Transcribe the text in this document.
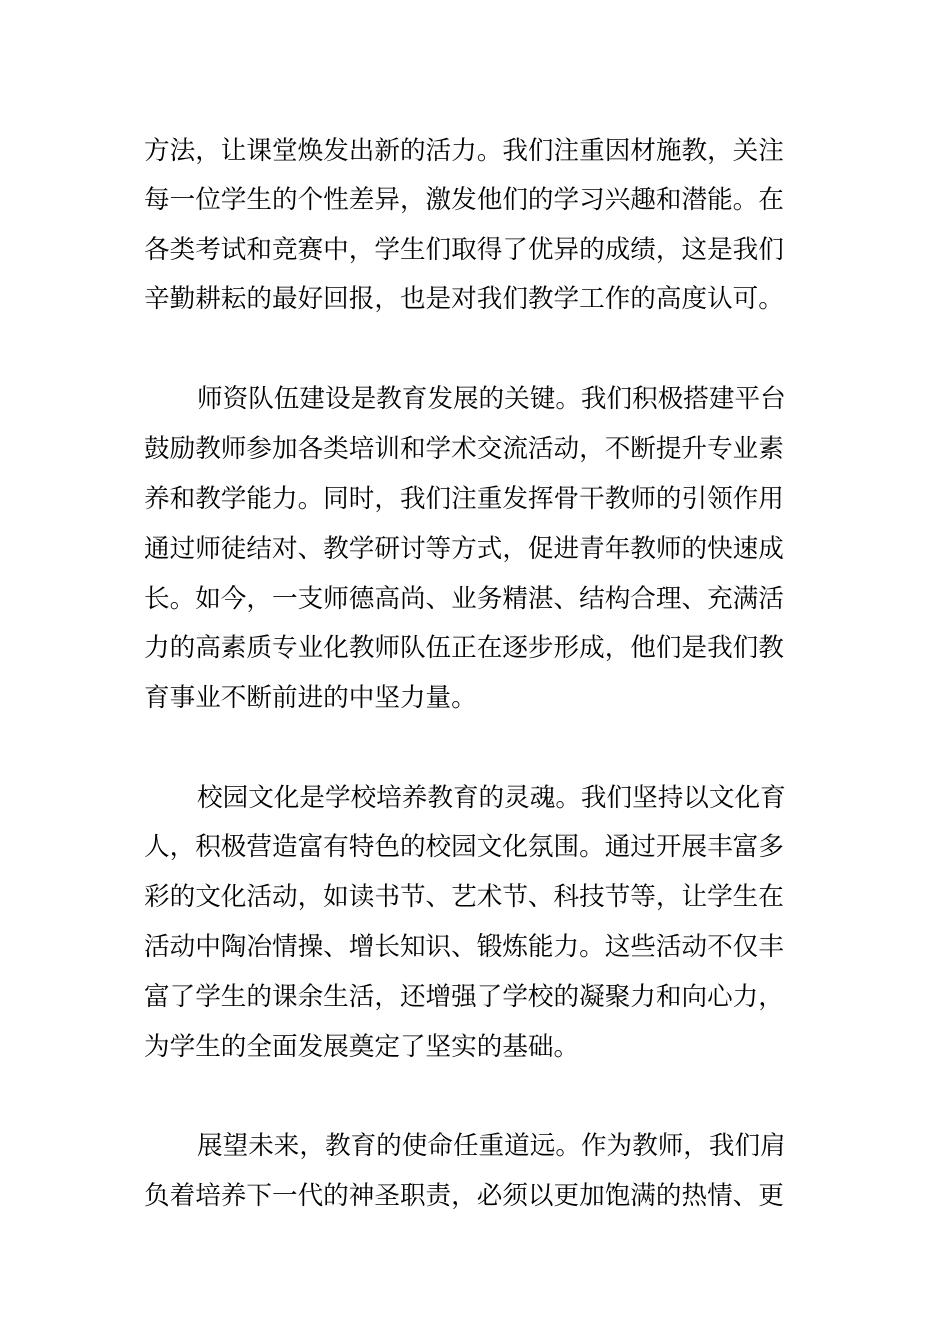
方法，让课堂焕发出新的活力。我们注重因材施教，关注
每一位学生的个性差异，激发他们的学习兴趣和潜能。在
各类考试和竞赛中，学生们取得了优异的成绩，这是我们
辛勤耕耘的最好回报，也是对我们教学工作的高度认可。
师资队伍建设是教育发展的关键。我们积极搭建平台
鼓励教师参加各类培训和学术交流活动，不断提升专业素
养和教学能力。同时，我们注重发挥骨干教师的引领作用
通过师徒结对、教学研讨等方式，促进青年教师的快速成
长。如今，一支师德高尚、业务精湛、结构合理、充满活
力的高素质专业化教师队伍正在逐步形成，他们是我们教
育事业不断前进的中坚力量。
校园文化是学校培养教育的灵魂。我们坚持以文化育
人，积极营造富有特色的校园文化氛围。通过开展丰富多
彩的文化活动，如读书节、艺术节、科技节等，让学生在
活动中陶冶情操、增长知识、锻炼能力。这些活动不仅丰
富了学生的课余生活，还增强了学校的凝聚力和向心力，
为学生的全面发展奠定了坚实的基础。
展望未来，教育的使命任重道远。作为教师，我们肩
负着培养下一代的神圣职责，必须以更加饱满的热情、更
